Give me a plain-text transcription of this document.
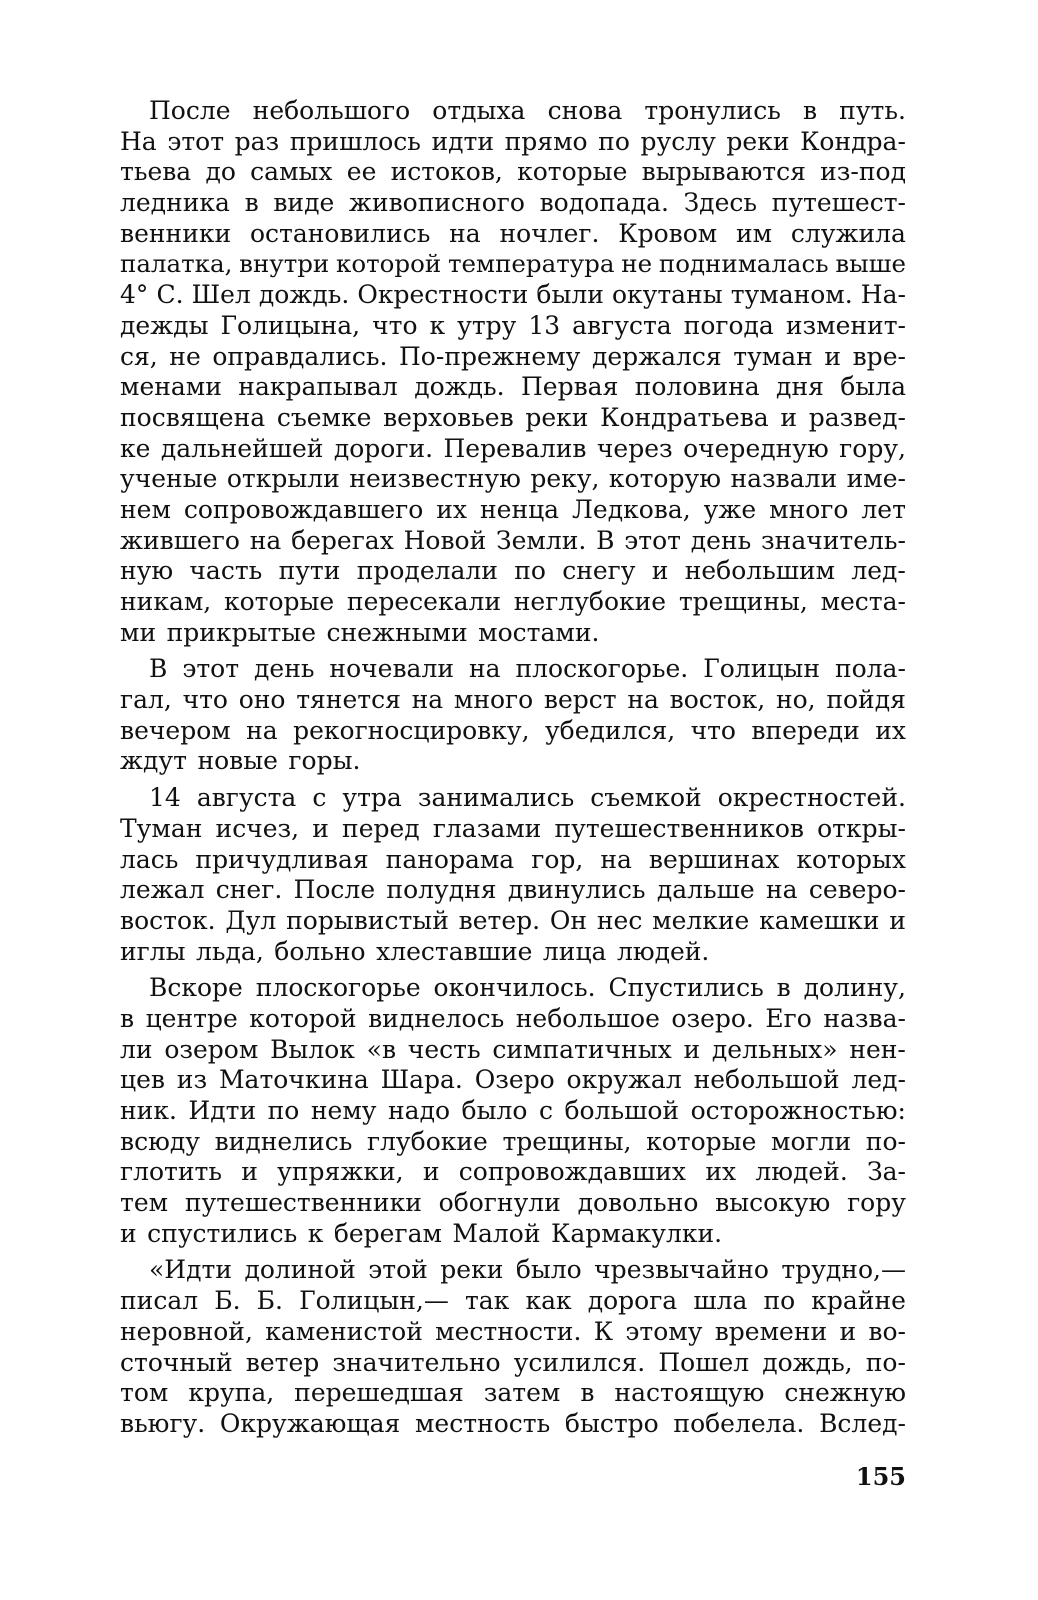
После небольшого отдыха снова тронулись в путь.
На этот раз пришлось идти прямо по руслу реки Кондра-
тьева до самых ее истоков, которые вырываются из-под
ледника в виде живописного водопада. Здесь путешест-
венники остановились на ночлег. Кровом им служила
палатка, внутри которой температура не поднималась выше
4° С. Шел дождь. Окрестности были окутаны туманом. На-
дежды Голицына, что к утру 13 августа погода изменит-
ся, не оправдались. По-прежнему держался туман и вре-
менами накрапывал дождь. Первая половина дня была
посвящена съемке верховьев реки Кондратьева и развед-
ке дальнейшей дороги. Перевалив через очередную гору,
ученые открыли неизвестную реку, которую назвали име-
нем сопровождавшего их ненца Ледкова, уже много лет
жившего на берегах Новой Земли. В этот день значитель-
ную часть пути проделали по снегу и небольшим лед-
никам, которые пересекали неглубокие трещины, места-
ми прикрытые снежными мостами.
В этот день ночевали на плоскогорье. Голицын пола-
гал, что оно тянется на много верст на восток, но, пойдя
вечером на рекогносцировку, убедился, что впереди их
ждут новые горы.
14 августа с утра занимались съемкой окрестностей.
Туман исчез, и перед глазами путешественников откры-
лась причудливая панорама гор, на вершинах которых
лежал снег. После полудня двинулись дальше на северо-
восток. Дул порывистый ветер. Он нес мелкие камешки и
иглы льда, больно хлеставшие лица людей.
Вскоре плоскогорье окончилось. Спустились в долину,
в центре которой виднелось небольшое озеро. Его назва-
ли озером Вылок «в честь симпатичных и дельных» нен-
цев из Маточкина Шара. Озеро окружал небольшой лед-
ник. Идти по нему надо было с большой осторожностью:
всюду виднелись глубокие трещины, которые могли по-
глотить и упряжки, и сопровождавших их людей. За-
тем путешественники обогнули довольно высокую гору
и спустились к берегам Малой Кармакулки.
«Идти долиной этой реки было чрезвычайно трудно,—
писал Б. Б. Голицын,— так как дорога шла по крайне
неровной, каменистой местности. К этому времени и во-
сточный ветер значительно усилился. Пошел дождь, по-
том крупа, перешедшая затем в настоящую снежную
вьюгу. Окружающая местность быстро побелела. Вслед-
155
